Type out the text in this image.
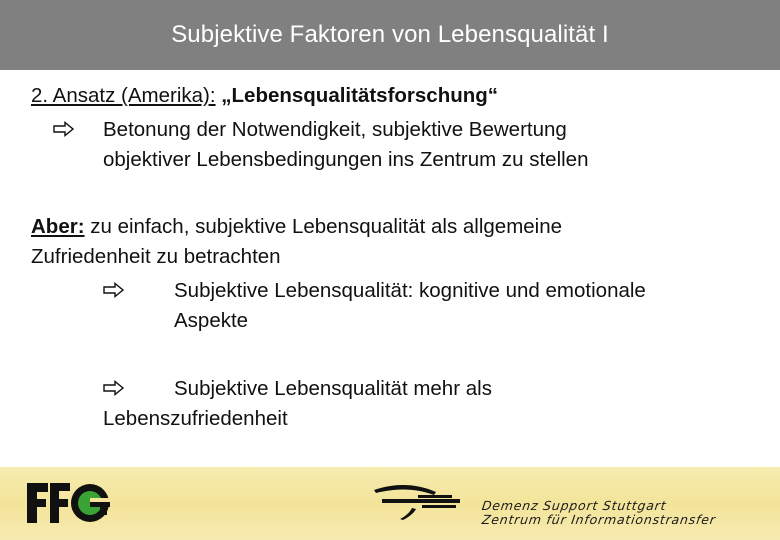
Subjektive Faktoren von Lebensqualität I
2. Ansatz (Amerika): „Lebensqualitätsforschung“
Betonung der Notwendigkeit, subjektive Bewertung
objektiver Lebensbedingungen ins Zentrum zu stellen
Aber: zu einfach, subjektive Lebensqualität als allgemeine
Zufriedenheit zu betrachten
Subjektive Lebensqualität: kognitive und emotionale
Aspekte
Subjektive Lebensqualität mehr als
Lebenszufriedenheit
Demenz Support Stuttgart
Zentrum für Informationstransfer
